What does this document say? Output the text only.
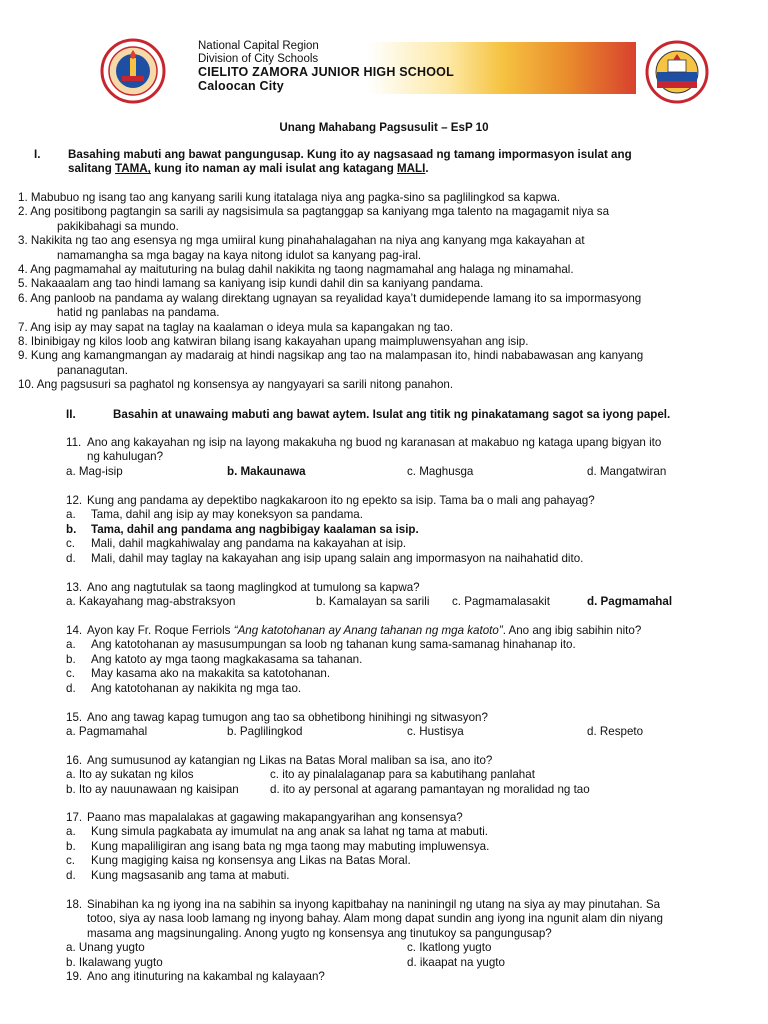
National Capital Region
Division of City Schools
CIELITO ZAMORA JUNIOR HIGH SCHOOL
Caloocan City
Unang Mahabang Pagsusulit – EsP 10
I. Basahing mabuti ang bawat pangungusap. Kung ito ay nagsasaad ng tamang impormasyon isulat ang
salitang TAMA, kung ito naman ay mali isulat ang katagang MALI.
1. Mabubuo ng isang tao ang kanyang sarili kung itatalaga niya ang pagka-sino sa paglilingkod sa kapwa.
2. Ang positibong pagtangin sa sarili ay nagsisimula sa pagtanggap sa kaniyang mga talento na magagamit niya sa
pakikibahagi sa mundo.
3. Nakikita ng tao ang esensya ng mga umiiral kung pinahahalagahan na niya ang kanyang mga kakayahan at
namamangha sa mga bagay na kaya nitong idulot sa kanyang pag-iral.
4. Ang pagmamahal ay maituturing na bulag dahil nakikita ng taong nagmamahal ang halaga ng minamahal.
5. Nakaaalam ang tao hindi lamang sa kaniyang isip kundi dahil din sa kaniyang pandama.
6. Ang panloob na pandama ay walang direktang ugnayan sa reyalidad kaya’t dumidepende lamang ito sa impormasyong
hatid ng panlabas na pandama.
7. Ang isip ay may sapat na taglay na kaalaman o ideya mula sa kapangakan ng tao.
8. Ibinibigay ng kilos loob ang katwiran bilang isang kakayahan upang maimpluwensyahan ang isip.
9. Kung ang kamangmangan ay madaraig at hindi nagsikap ang tao na malampasan ito, hindi nababawasan ang kanyang
pananagutan.
10. Ang pagsusuri sa paghatol ng konsensya ay nangyayari sa sarili nitong panahon.
II.	Basahin at unawaing mabuti ang bawat aytem. Isulat ang titik ng pinakatamang sagot sa iyong papel.
11. Ano ang kakayahan ng isip na layong makakuha ng buod ng karanasan at makabuo ng kataga upang bigyan ito
ng kahulugan?
a. Mag-isip	b. Makaunawa	c. Maghusga	d. Mangatwiran
12. Kung ang pandama ay depektibo nagkakaroon ito ng epekto sa isip. Tama ba o mali ang pahayag?
a. Tama, dahil ang isip ay may koneksyon sa pandama.
b. Tama, dahil ang pandama ang nagbibigay kaalaman sa isip.
c. Mali, dahil magkahiwalay ang pandama na kakayahan at isip.
d. Mali, dahil may taglay na kakayahan ang isip upang salain ang impormasyon na naihahatid dito.
13. Ano ang nagtutulak sa taong maglingkod at tumulong sa kapwa?
a. Kakayahang mag-abstraksyon	b. Kamalayan sa sarili c. Pagmamalasakit	d. Pagmamahal
14. Ayon kay Fr. Roque Ferriols “Ang katotohanan ay Anang tahanan ng mga katoto”. Ano ang ibig sabihin nito?
a. Ang katotohanan ay masusumpungan sa loob ng tahanan kung sama-samanag hinahanap ito.
b. Ang katoto ay mga taong magkakasama sa tahanan.
c. May kasama ako na makakita sa katotohanan.
d. Ang katotohanan ay nakikita ng mga tao.
15. Ano ang tawag kapag tumugon ang tao sa obhetibong hinihingi ng sitwasyon?
a. Pagmamahal	b. Paglilingkod	c. Hustisya	d. Respeto
16. Ang sumusunod ay katangian ng Likas na Batas Moral maliban sa isa, ano ito?
a. Ito ay sukatan ng kilos	c. ito ay pinalalaganap para sa kabutihang panlahat
b. Ito ay nauunawaan ng kaisipan	d. ito ay personal at agarang pamantayan ng moralidad ng tao
17. Paano mas mapalalakas at gagawing makapangyarihan ang konsensya?
a. Kung simula pagkabata ay imumulat na ang anak sa lahat ng tama at mabuti.
b. Kung mapaliligiran ang isang bata ng mga taong may mabuting impluwensya.
c. Kung magiging kaisa ng konsensya ang Likas na Batas Moral.
d. Kung magsasanib ang tama at mabuti.
18. Sinabihan ka ng iyong ina na sabihin sa inyong kapitbahay na naniningil ng utang na siya ay may pinutahan. Sa
totoo, siya ay nasa loob lamang ng inyong bahay. Alam mong dapat sundin ang iyong ina ngunit alam din niyang
masama ang magsinungaling. Anong yugto ng konsensya ang tinutukoy sa pangungusap?
a. Unang yugto	c. Ikatlong yugto
b. Ikalawang yugto	d. ikaapat na yugto
19. Ano ang itinuturing na kakambal ng kalayaan?
